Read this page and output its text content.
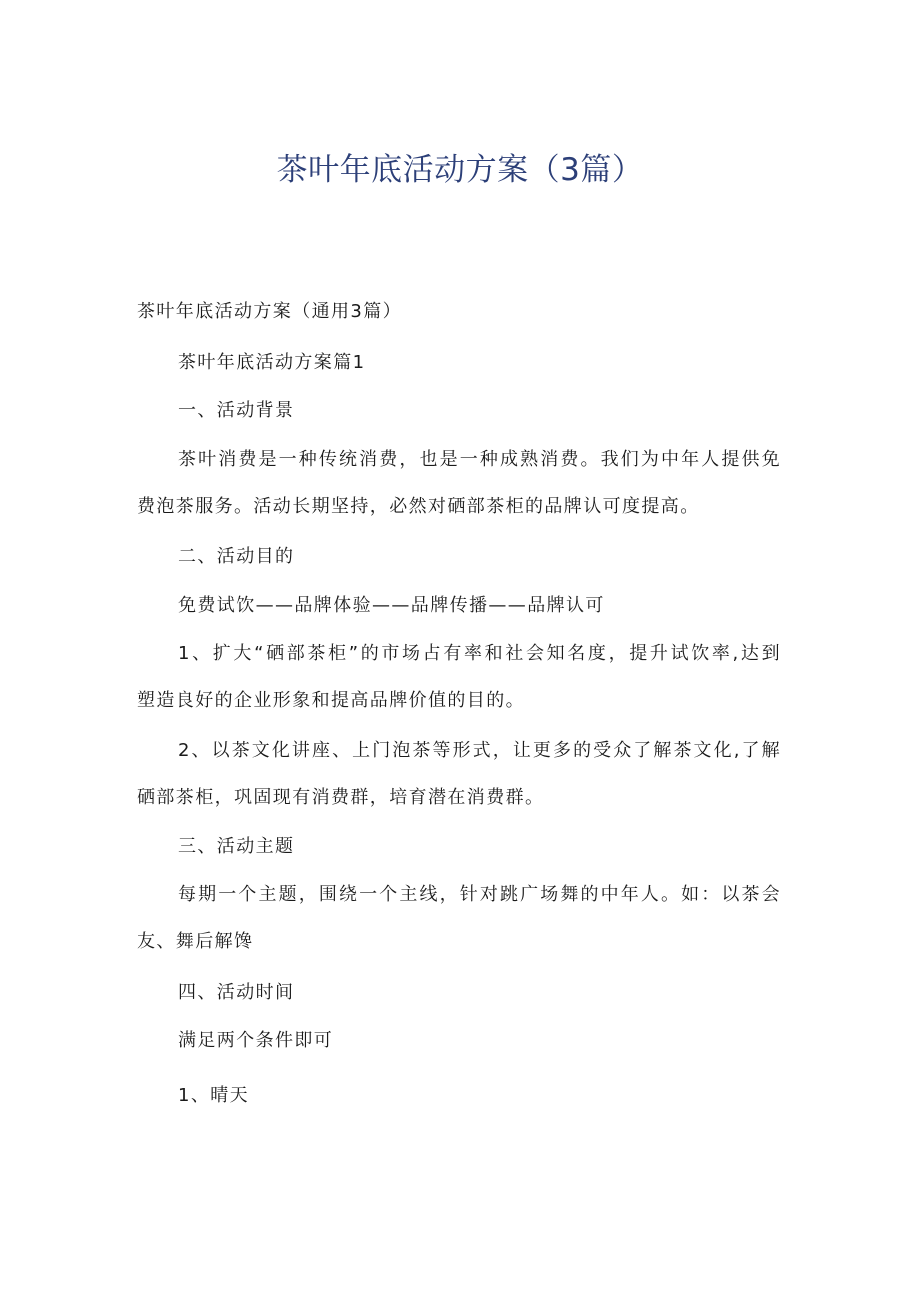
茶叶年底活动方案（3篇）

茶叶年底活动方案（通用3篇）

茶叶年底活动方案篇1

一、活动背景

茶叶消费是一种传统消费，也是一种成熟消费。我们为中年人提供免

费泡茶服务。活动长期坚持，必然对硒部茶柜的品牌认可度提高。

二、活动目的

免费试饮——品牌体验——品牌传播——品牌认可

1、扩大“硒部茶柜”的市场占有率和社会知名度，提升试饮率,达到

塑造良好的企业形象和提高品牌价值的目的。

2、以茶文化讲座、上门泡茶等形式，让更多的受众了解茶文化,了解

硒部茶柜，巩固现有消费群，培育潜在消费群。

三、活动主题

每期一个主题，围绕一个主线，针对跳广场舞的中年人。如：以茶会

友、舞后解馋

四、活动时间

满足两个条件即可

1、晴天
